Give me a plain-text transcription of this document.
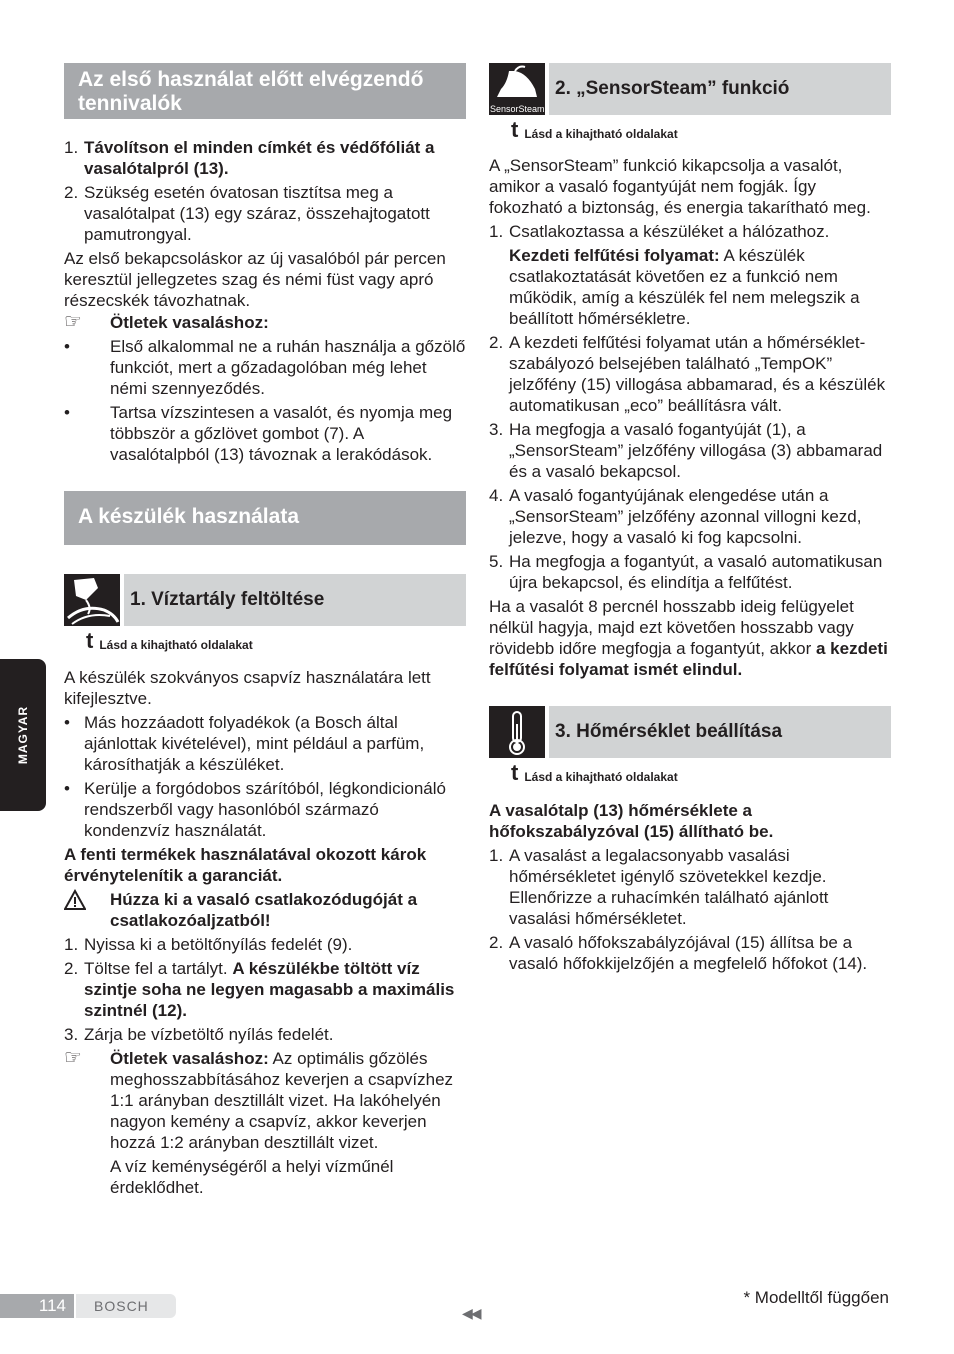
Az első használat előtt elvégzendő tennivalók
1. Távolítson el minden címkét és védőfóliát a vasalótalpról (13).
2. Szükség esetén óvatosan tisztítsa meg a vasalótalpat (13) egy száraz, összehajtogatott pamutrongyal.

Az első bekapcsoláskor az új vasalóból pár percen keresztül jellegzetes szag és némi füst vagy apró részecskék távozhatnak.

☞	Ötletek vasaláshoz:
•	Első alkalommal ne a ruhán használja a gőzölő funkciót, mert a gőzadagolóban még lehet némi szennyeződés.
•	Tartsa vízszintesen a vasalót, és nyomja meg többször a gőzlövet gombot (7). A vasalótalpból (13) távoznak a lerakódások.
A készülék használata
1. Víztartály feltöltése
t Lásd a kihajtható oldalakat

A készülék szokványos csapvíz használatára lett kifejlesztve.

• Más hozzáadott folyadékok (a Bosch által ajánlottak kivételével), mint például a parfüm, károsíthatják a készüléket.
• Kerülje a forgódobos szárítóból, légkondicionáló rendszerből vagy hasonlóból származó kondenzvíz használatát.

A fenti termékek használatával okozott károk érvénytelenítik a garanciát.

Húzza ki a vasaló csatlakozódugóját a csatlakozóaljzatból!
1. Nyissa ki a betöltőnyílás fedelét (9).
2. Töltse fel a tartályt. A készülékbe töltött víz szintje soha ne legyen magasabb a maximális szintnél (12).
3. Zárja be vízbetöltő nyílás fedelét.
☞	Ötletek vasaláshoz: Az optimális gőzölés meghosszabbításához keverjen a csapvízhez 1:1 arányban desztillált vizet. Ha lakóhelyén nagyon kemény a csapvíz, akkor keverjen hozzá 1:2 arányban desztillált vizet.
A víz keménységéről a helyi vízműnél érdeklődhet.
SensorSteam
2. „SensorSteam” funkció
t Lásd a kihajtható oldalakat

A „SensorSteam” funkció kikapcsolja a vasalót, amikor a vasaló fogantyúját nem fogják. Így fokozható a biztonság, és energia takarítható meg.

1. Csatlakoztassa a készüléket a hálózathoz.
Kezdeti felfűtési folyamat: A készülék csatlakoztatását követően ez a funkció nem működik, amíg a készülék fel nem melegszik a beállított hőmérsékletre.
2. A kezdeti felfűtési folyamat után a hőmérséklet-szabályozó belsejében található „TempOK” jelzőfény (15) villogása abbamarad, és a készülék automatikusan „eco” beállításra vált.
3. Ha megfogja a vasaló fogantyúját (1), a „SensorSteam” jelzőfény villogása (3) abbamarad és a vasaló bekapcsol.
4. A vasaló fogantyújának elengedése után a „SensorSteam” jelzőfény azonnal villogni kezd, jelezve, hogy a vasaló ki fog kapcsolni.
5. Ha megfogja a fogantyút, a vasaló automatikusan újra bekapcsol, és elindítja a felfűtést.

Ha a vasalót 8 percnél hosszabb ideig felügyelet nélkül hagyja, majd ezt követően hosszabb vagy rövidebb időre megfogja a fogantyút, akkor a kezdeti felfűtési folyamat ismét elindul.

3. Hőmérséklet beállítása
t Lásd a kihajtható oldalakat

A vasalótalp (13) hőmérséklete a hőfokszabályzóval (15) állítható be.

1. A vasalást a legalacsonyabb vasalási hőmérsékletet igénylő szövetekkel kezdje. Ellenőrizze a ruhacímkén található ajánlott vasalási hőmérsékletet.
2. A vasaló hőfokszabályzójával (15) állítsa be a vasaló hőfokkijelzőjén a megfelelő hőfokot (14).
MAGYAR
114	BOSCH	◀◀
* Modelltől függően
